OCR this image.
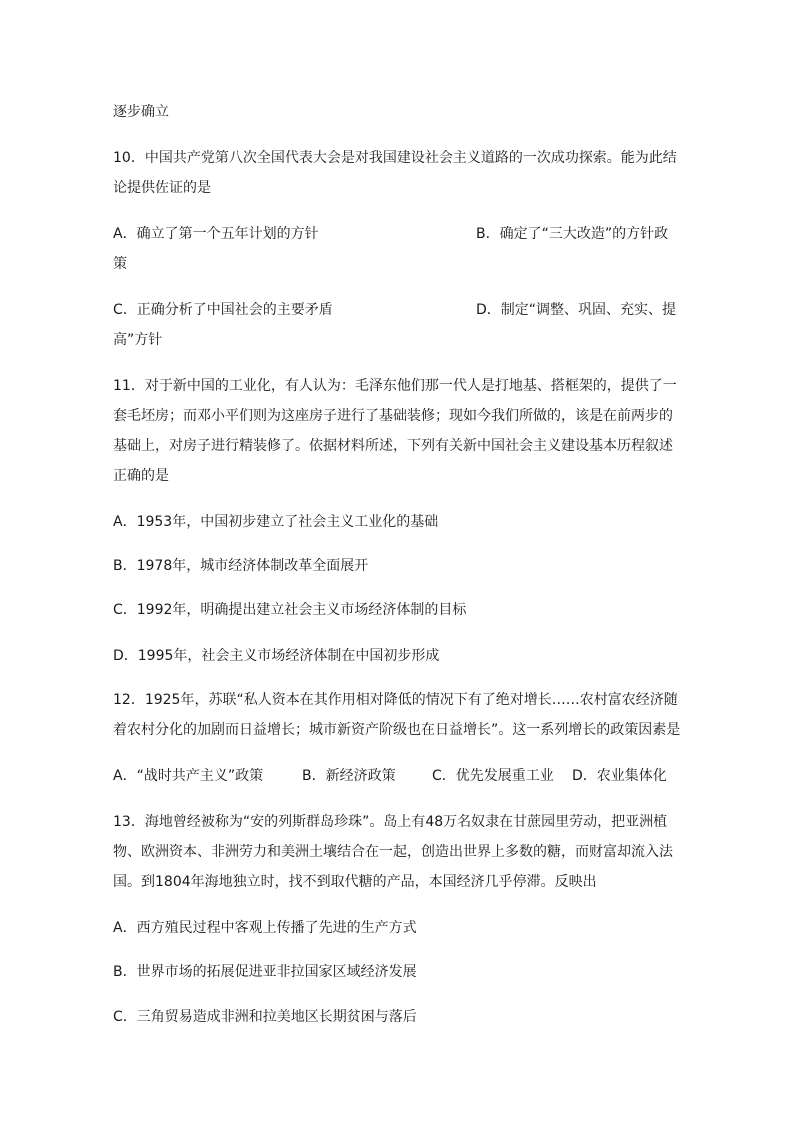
逐步确立
10．中国共产党第八次全国代表大会是对我国建设社会主义道路的一次成功探索。能为此结
论提供佐证的是
A．确立了第一个五年计划的方针	B．确定了“三大改造”的方针政
策
C．正确分析了中国社会的主要矛盾	D．制定“调整、巩固、充实、提
高”方针
11．对于新中国的工业化，有人认为：毛泽东他们那一代人是打地基、搭框架的，提供了一
套毛坯房；而邓小平们则为这座房子进行了基础装修；现如今我们所做的，该是在前两步的
基础上，对房子进行精装修了。依据材料所述，下列有关新中国社会主义建设基本历程叙述
正确的是
A．1953年，中国初步建立了社会主义工业化的基础
B．1978年，城市经济体制改革全面展开
C．1992年，明确提出建立社会主义市场经济体制的目标
D．1995年，社会主义市场经济体制在中国初步形成
12．1925年，苏联“私人资本在其作用相对降低的情况下有了绝对增长……农村富农经济随
着农村分化的加剧而日益增长；城市新资产阶级也在日益增长”。这一系列增长的政策因素是
A．“战时共产主义”政策	B．新经济政策	C．优先发展重工业 D．农业集体化
13．海地曾经被称为“安的列斯群岛珍珠”。岛上有48万名奴隶在甘蔗园里劳动，把亚洲植
物、欧洲资本、非洲劳力和美洲土壤结合在一起，创造出世界上多数的糖，而财富却流入法
国。到1804年海地独立时，找不到取代糖的产品，本国经济几乎停滞。反映出
A．西方殖民过程中客观上传播了先进的生产方式
B．世界市场的拓展促进亚非拉国家区域经济发展
C．三角贸易造成非洲和拉美地区长期贫困与落后
